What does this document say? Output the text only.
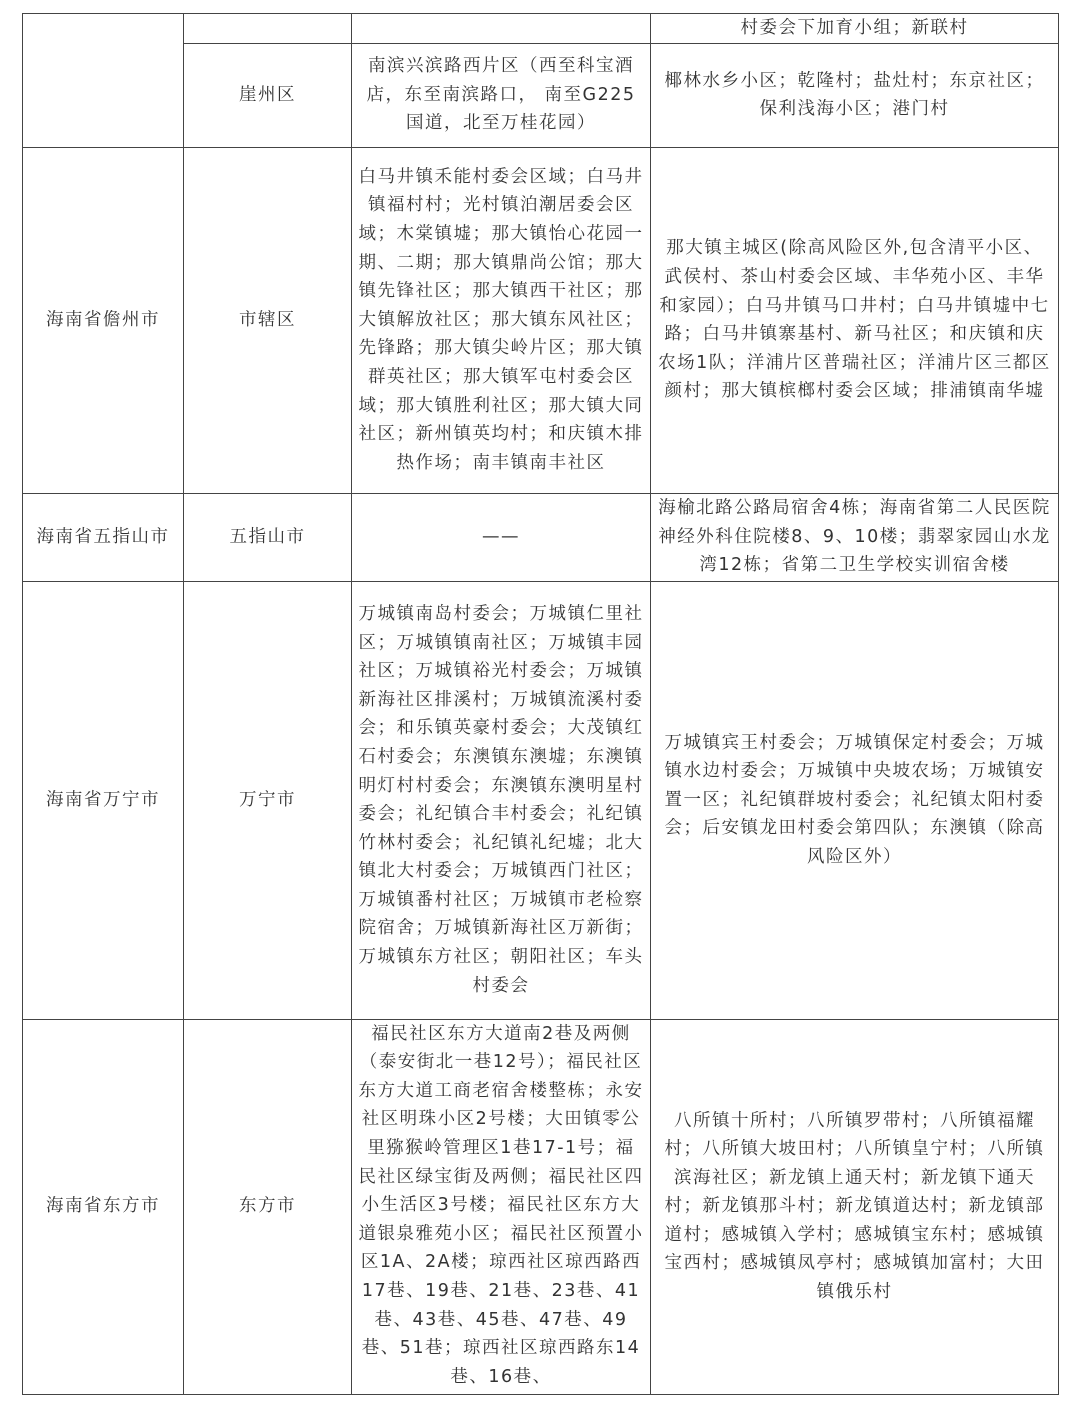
			村委会下加育小组；新联村
	崖州区	南滨兴滨路西片区（西至科宝酒店，东至南滨路口， 南至G225国道，北至万桂花园）	椰林水乡小区；乾隆村；盐灶村；东京社区；保利浅海小区；港门村
海南省儋州市	市辖区	白马井镇禾能村委会区域；白马井镇福村村；光村镇泊潮居委会区域；木棠镇墟；那大镇怡心花园一期、二期；那大镇鼎尚公馆；那大镇先锋社区；那大镇西干社区；那大镇解放社区；那大镇东风社区；先锋路；那大镇尖岭片区；那大镇群英社区；那大镇军屯村委会区域；那大镇胜利社区；那大镇大同社区；新州镇英均村；和庆镇木排热作场；南丰镇南丰社区	那大镇主城区(除高风险区外,包含清平小区、武侯村、茶山村委会区域、丰华苑小区、丰华和家园）；白马井镇马口井村；白马井镇墟中七路；白马井镇寨基村、新马社区；和庆镇和庆农场1队；洋浦片区普瑞社区；洋浦片区三都区颜村；那大镇槟榔村委会区域；排浦镇南华墟
海南省五指山市	五指山市	——	海榆北路公路局宿舍4栋；海南省第二人民医院神经外科住院楼8、9、10楼；翡翠家园山水龙湾12栋；省第二卫生学校实训宿舍楼
海南省万宁市	万宁市	万城镇南岛村委会；万城镇仁里社区；万城镇镇南社区；万城镇丰园社区；万城镇裕光村委会；万城镇新海社区排溪村；万城镇流溪村委会；和乐镇英豪村委会；大茂镇红石村委会；东澳镇东澳墟；东澳镇明灯村村委会；东澳镇东澳明星村委会；礼纪镇合丰村委会；礼纪镇竹林村委会；礼纪镇礼纪墟；北大镇北大村委会；万城镇西门社区；万城镇番村社区；万城镇市老检察院宿舍；万城镇新海社区万新街；万城镇东方社区；朝阳社区；车头村委会	万城镇宾王村委会；万城镇保定村委会；万城镇水边村委会；万城镇中央坡农场；万城镇安置一区；礼纪镇群坡村委会；礼纪镇太阳村委会；后安镇龙田村委会第四队；东澳镇（除高风险区外）
海南省东方市	东方市	福民社区东方大道南2巷及两侧（泰安街北一巷12号）；福民社区东方大道工商老宿舍楼整栋；永安社区明珠小区2号楼；大田镇零公里猕猴岭管理区1巷17-1号；福民社区绿宝街及两侧；福民社区四小生活区3号楼；福民社区东方大道银泉雅苑小区；福民社区预置小区1A、2A楼；琼西社区琼西路西17巷、19巷、21巷、23巷、41巷、43巷、45巷、47巷、49巷、51巷；琼西社区琼西路东14巷、16巷、	八所镇十所村；八所镇罗带村；八所镇福耀村；八所镇大坡田村；八所镇皇宁村；八所镇滨海社区；新龙镇上通天村；新龙镇下通天村；新龙镇那斗村；新龙镇道达村；新龙镇部道村；感城镇入学村；感城镇宝东村；感城镇宝西村；感城镇凤亭村；感城镇加富村；大田镇俄乐村
